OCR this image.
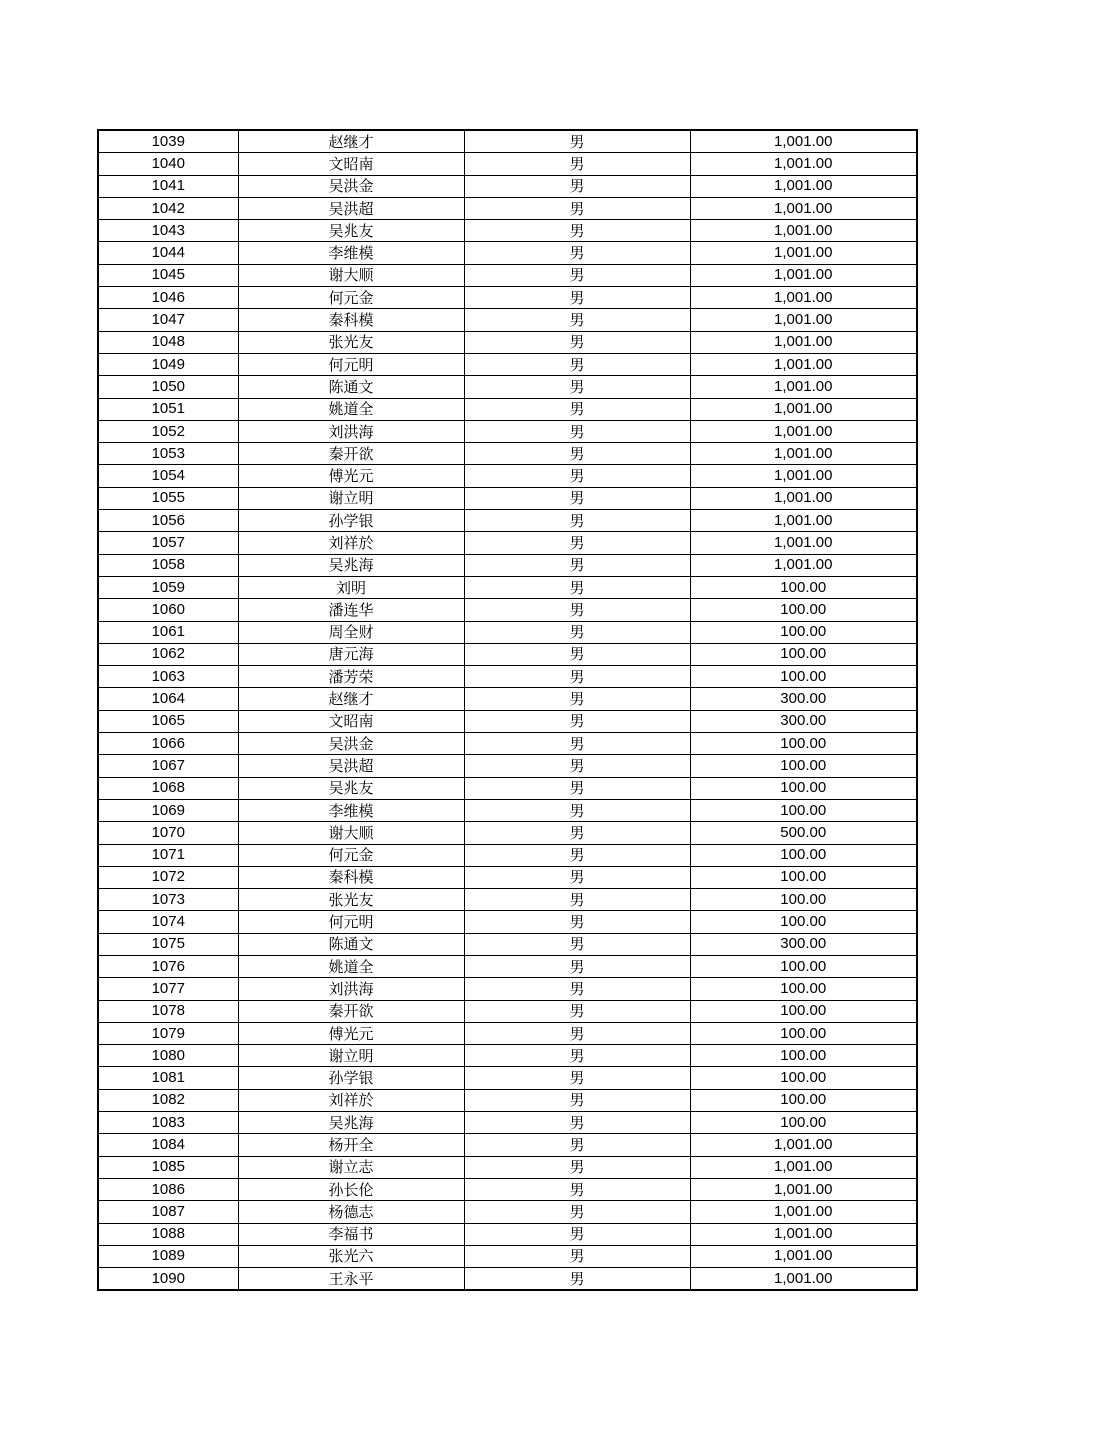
1039	赵继才	男	1,001.00
1040	文昭南	男	1,001.00
1041	吴洪金	男	1,001.00
1042	吴洪超	男	1,001.00
1043	吴兆友	男	1,001.00
1044	李维模	男	1,001.00
1045	谢大顺	男	1,001.00
1046	何元金	男	1,001.00
1047	秦科模	男	1,001.00
1048	张光友	男	1,001.00
1049	何元明	男	1,001.00
1050	陈通文	男	1,001.00
1051	姚道全	男	1,001.00
1052	刘洪海	男	1,001.00
1053	秦开欲	男	1,001.00
1054	傅光元	男	1,001.00
1055	谢立明	男	1,001.00
1056	孙学银	男	1,001.00
1057	刘祥於	男	1,001.00
1058	吴兆海	男	1,001.00
1059	刘明	男	100.00
1060	潘连华	男	100.00
1061	周全财	男	100.00
1062	唐元海	男	100.00
1063	潘芳荣	男	100.00
1064	赵继才	男	300.00
1065	文昭南	男	300.00
1066	吴洪金	男	100.00
1067	吴洪超	男	100.00
1068	吴兆友	男	100.00
1069	李维模	男	100.00
1070	谢大顺	男	500.00
1071	何元金	男	100.00
1072	秦科模	男	100.00
1073	张光友	男	100.00
1074	何元明	男	100.00
1075	陈通文	男	300.00
1076	姚道全	男	100.00
1077	刘洪海	男	100.00
1078	秦开欲	男	100.00
1079	傅光元	男	100.00
1080	谢立明	男	100.00
1081	孙学银	男	100.00
1082	刘祥於	男	100.00
1083	吴兆海	男	100.00
1084	杨开全	男	1,001.00
1085	谢立志	男	1,001.00
1086	孙长伦	男	1,001.00
1087	杨德志	男	1,001.00
1088	李福书	男	1,001.00
1089	张光六	男	1,001.00
1090	王永平	男	1,001.00
